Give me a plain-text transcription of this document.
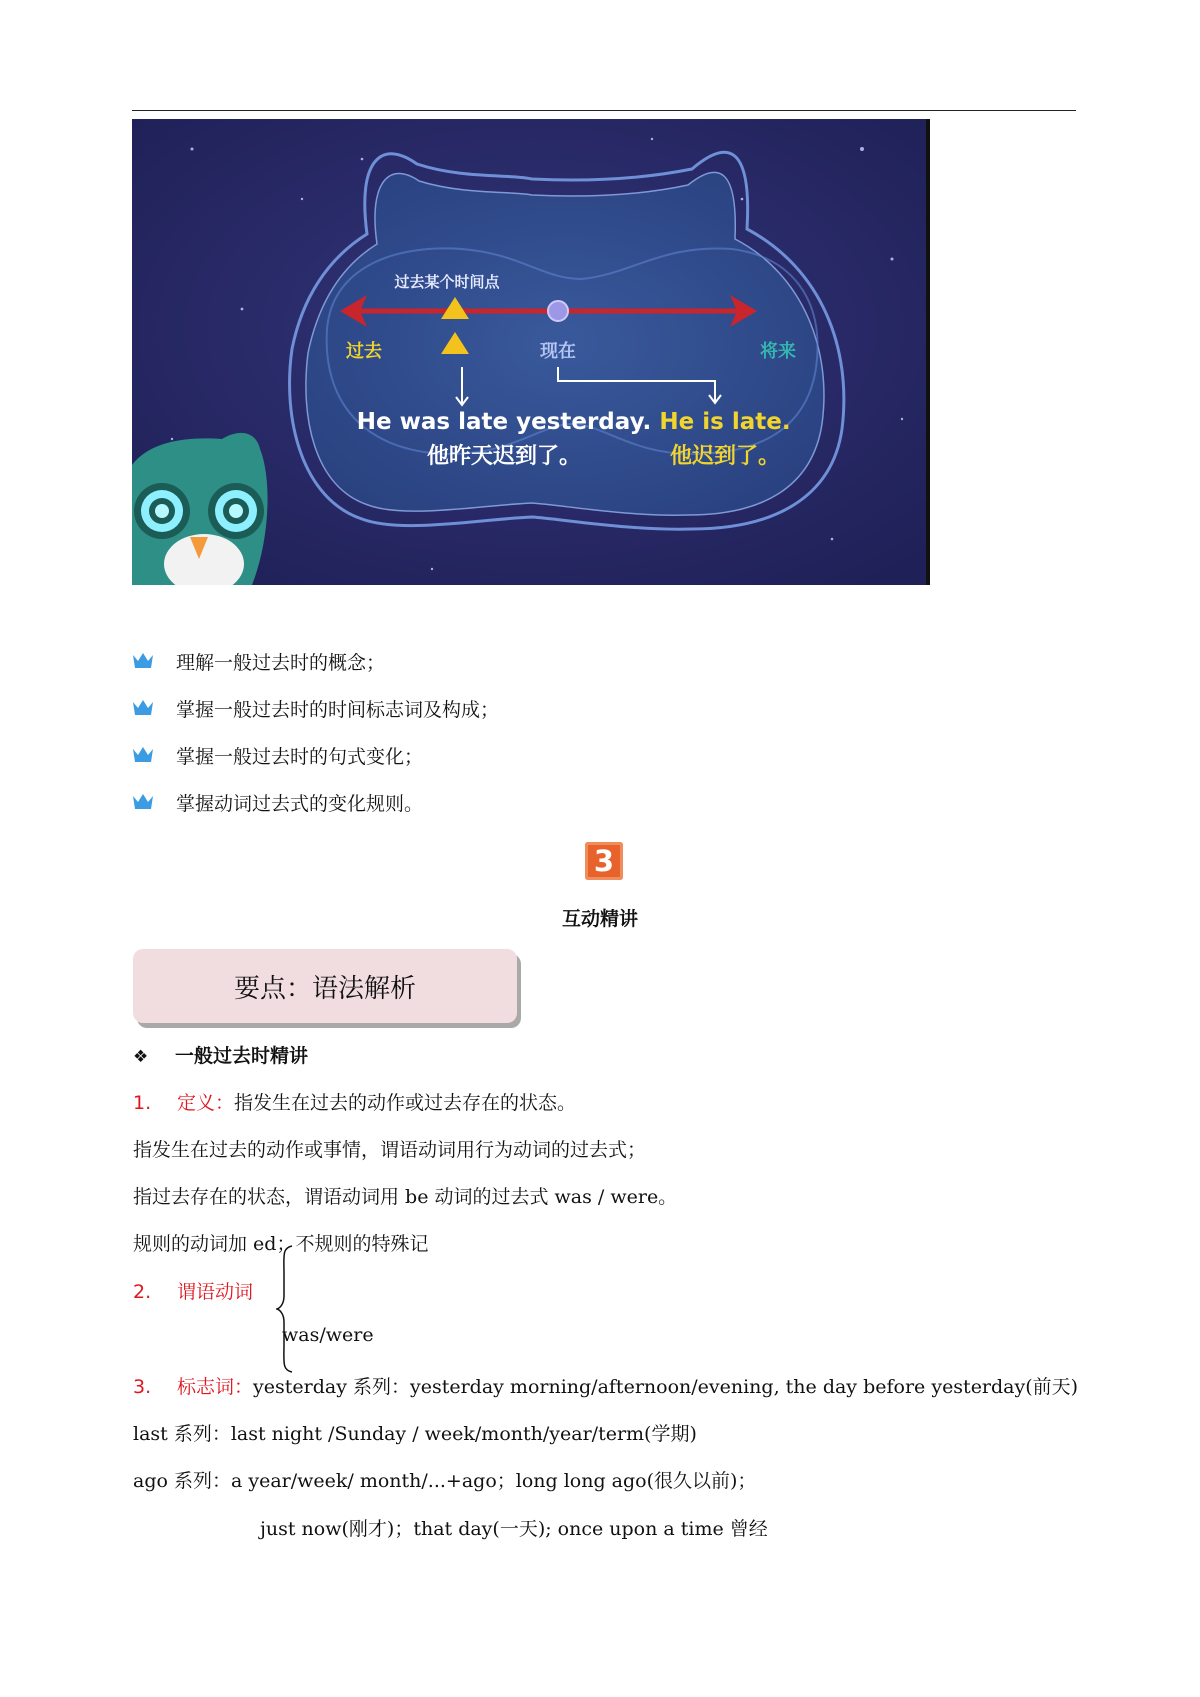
过去某个时间点
过去	现在	将来
He was late yesterday.
他昨天迟到了。
He is late.
他迟到了。
理解一般过去时的概念；
掌握一般过去时的时间标志词及构成；
掌握一般过去时的句式变化；
掌握动词过去式的变化规则。
3
互动精讲
要点：语法解析
❖ 一般过去时精讲
1. 定义：指发生在过去的动作或过去存在的状态。
指发生在过去的动作或事情，谓语动词用行为动词的过去式；
指过去存在的状态，谓语动词用 be 动词的过去式 was / were。
规则的动词加 ed；不规则的特殊记
2. 谓语动词
was/were
3. 标志词：yesterday 系列：yesterday morning/afternoon/evening, the day before yesterday(前天)
last 系列：last night /Sunday / week/month/year/term(学期)
ago 系列：a year/week/ month/...+ago；long long ago(很久以前)；
just now(刚才)；that day(一天); once upon a time 曾经
